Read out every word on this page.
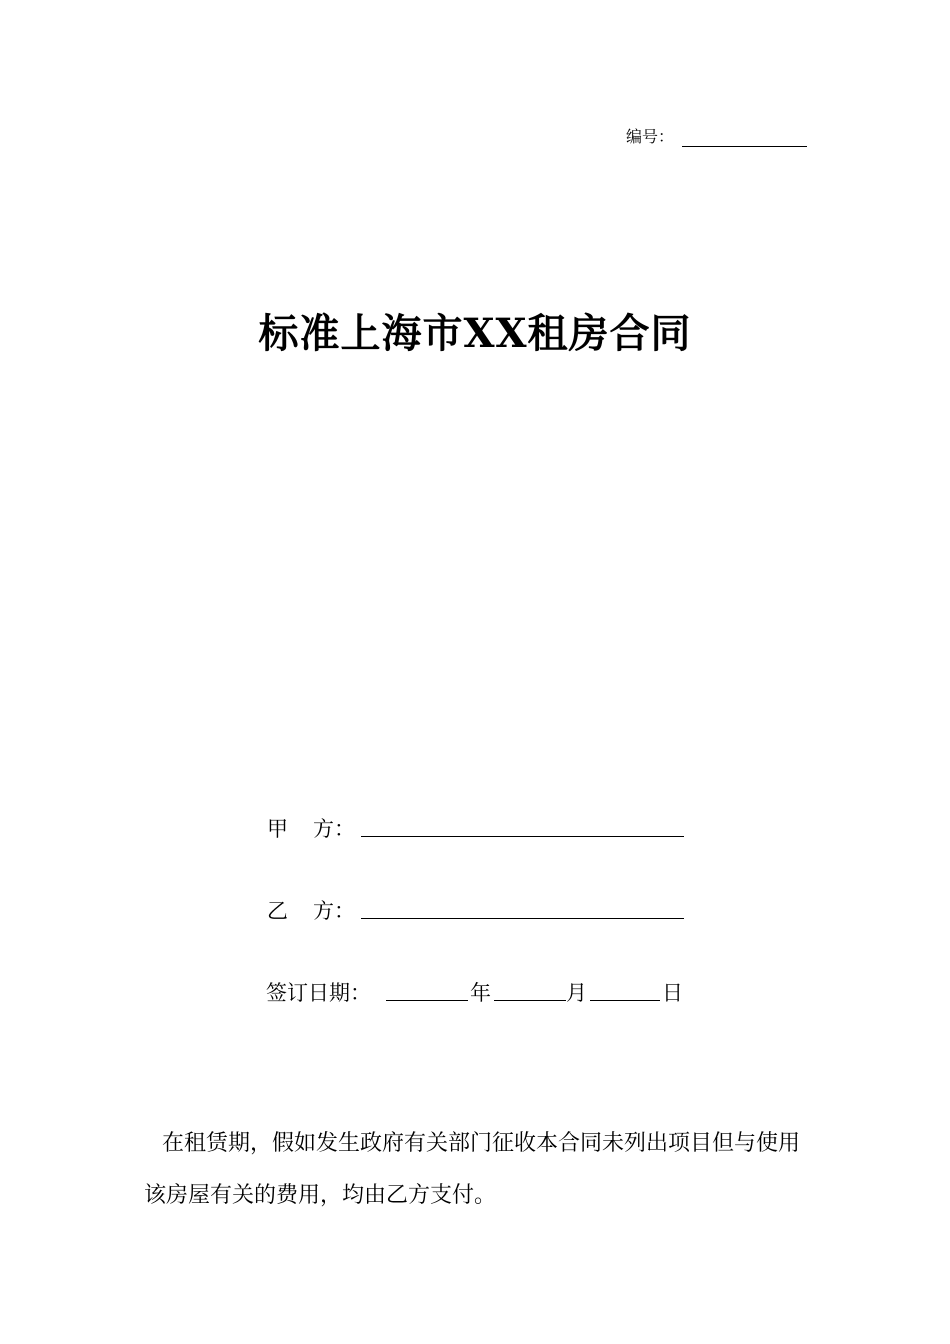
编号：
标准上海市XX租房合同
甲 方：
乙 方：
签订日期：	年	月	日

在租赁期，假如发生政府有关部门征收本合同未列出项目但与使用该房屋有关的费用，均由乙方支付。
